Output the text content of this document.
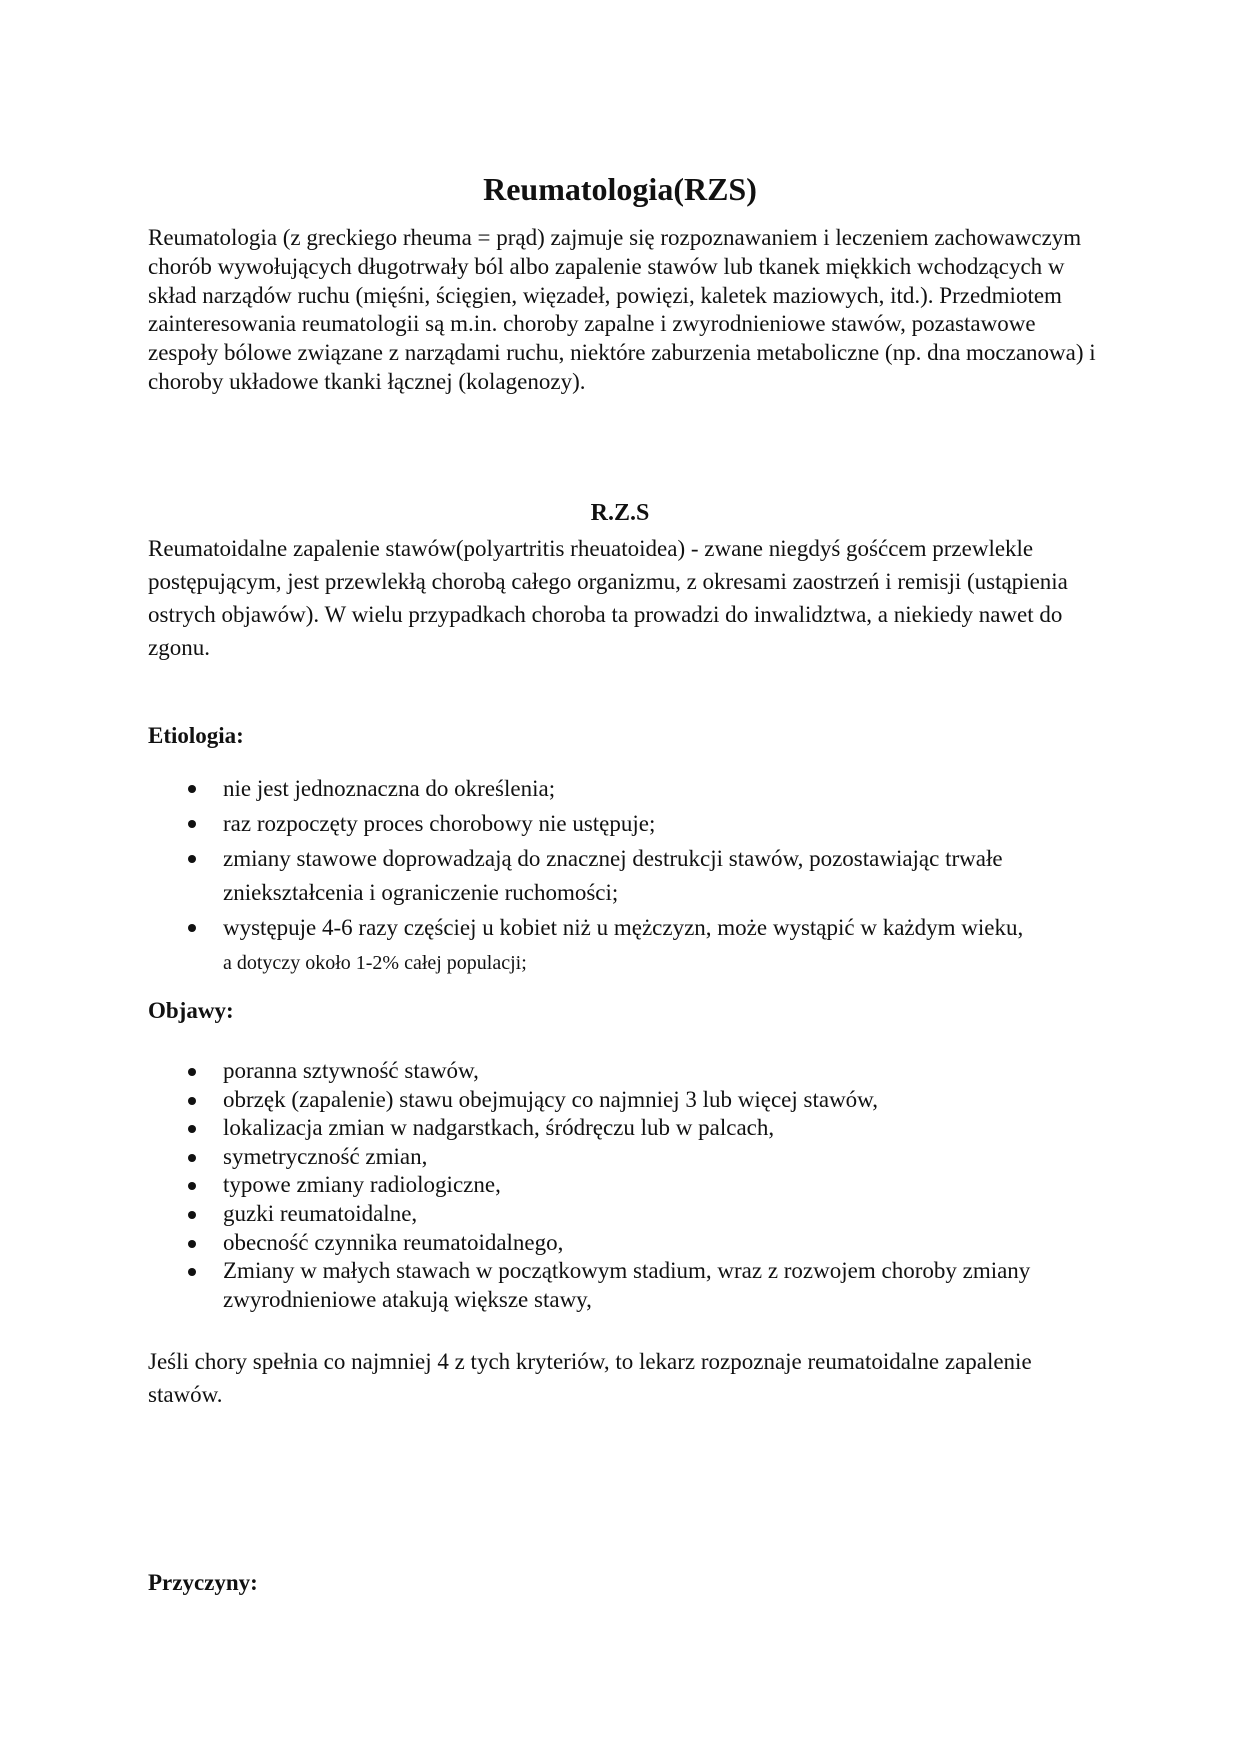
Reumatologia(RZS)

Reumatologia (z greckiego rheuma = prąd) zajmuje się rozpoznawaniem i leczeniem zachowawczym chorób wywołujących długotrwały ból albo zapalenie stawów lub tkanek miękkich wchodzących w skład narządów ruchu (mięśni, ścięgien, więzadeł, powięzi, kaletek maziowych, itd.). Przedmiotem zainteresowania reumatologii są m.in. choroby zapalne i zwyrodnieniowe stawów, pozastawowe zespoły bólowe związane z narządami ruchu, niektóre zaburzenia metaboliczne (np. dna moczanowa) i choroby układowe tkanki łącznej (kolagenozy).

R.Z.S

Reumatoidalne zapalenie stawów(polyartritis rheuatoidea) - zwane niegdyś gośćcem przewlekle postępującym, jest przewlekłą chorobą całego organizmu, z okresami zaostrzeń i remisji (ustąpienia ostrych objawów). W wielu przypadkach choroba ta prowadzi do inwalidztwa, a niekiedy nawet do zgonu.

Etiologia:
nie jest jednoznaczna do określenia;
raz rozpoczęty proces chorobowy nie ustępuje;
zmiany stawowe doprowadzają do znacznej destrukcji stawów, pozostawiając trwałe zniekształcenia i ograniczenie ruchomości;
występuje 4-6 razy częściej u kobiet niż u mężczyzn, może wystąpić w każdym wieku,
a dotyczy około 1-2% całej populacji;
Objawy:
poranna sztywność stawów,
obrzęk (zapalenie) stawu obejmujący co najmniej 3 lub więcej stawów,
lokalizacja zmian w nadgarstkach, śródręczu lub w palcach,
symetryczność zmian,
typowe zmiany radiologiczne,
guzki reumatoidalne,
obecność czynnika reumatoidalnego,
Zmiany w małych stawach w początkowym stadium, wraz z rozwojem choroby zmiany zwyrodnieniowe atakują większe stawy,

Jeśli chory spełnia co najmniej 4 z tych kryteriów, to lekarz rozpoznaje reumatoidalne zapalenie stawów.

Przyczyny:
